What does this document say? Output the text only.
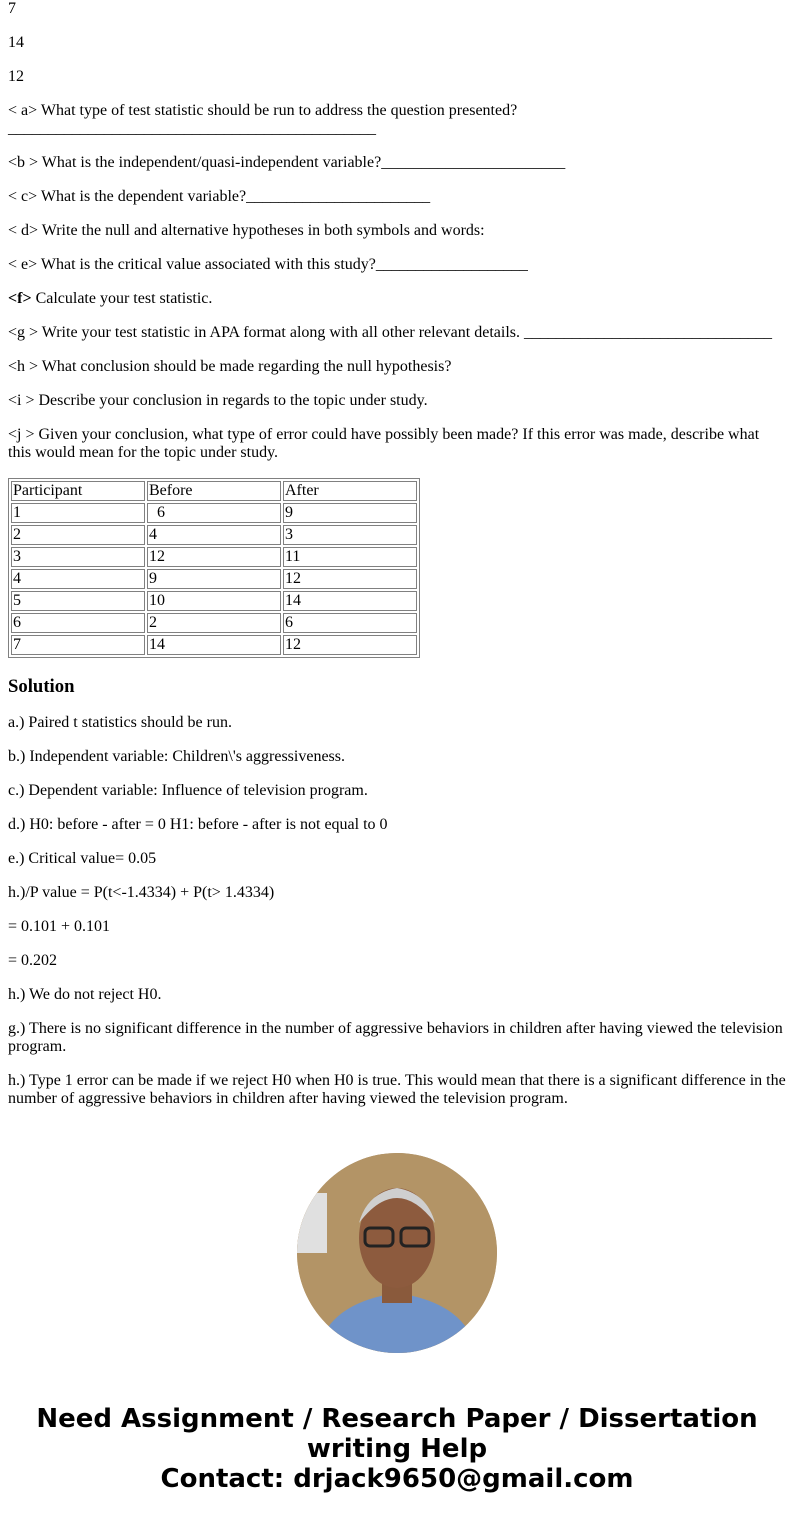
7

14

12

< a> What type of test statistic should be run to address the question presented? ______________________________________________

<b > What is the independent/quasi-independent variable?_______________________

< c> What is the dependent variable?_______________________

< d> Write the null and alternative hypotheses in both symbols and words:

< e> What is the critical value associated with this study?___________________

<f> Calculate your test statistic.

<g > Write your test statistic in APA format along with all other relevant details. _______________________________

<h > What conclusion should be made regarding the null hypothesis?

<i > Describe your conclusion in regards to the topic under study.

<j > Given your conclusion, what type of error could have possibly been made? If this error was made, describe what this would mean for the topic under study.

Participant	Before	After
1	6	9
2	4	3
3	12	11
4	9	12
5	10	14
6	2	6
7	14	12
Solution

a.) Paired t statistics should be run.

b.) Independent variable: Children\'s aggressiveness.

c.) Dependent variable: Influence of television program.

d.) H0: before - after = 0 H1: before - after is not equal to 0

e.) Critical value= 0.05

h.)/P value = P(t<-1.4334) + P(t> 1.4334)

= 0.101 + 0.101

= 0.202

h.) We do not reject H0.

g.) There is no significant difference in the number of aggressive behaviors in children after having viewed the television program.

h.) Type 1 error can be made if we reject H0 when H0 is true. This would mean that there is a significant difference in the number of aggressive behaviors in children after having viewed the television program.

Need Assignment / Research Paper / Dissertation writing Help
Contact: drjack9650@gmail.com
